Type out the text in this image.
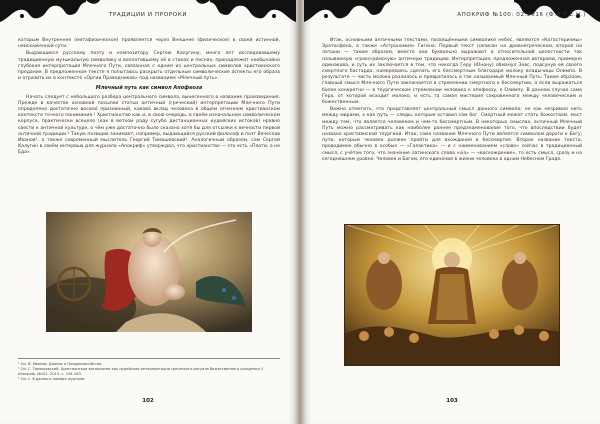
ТРАДИЦИИ И ПРОРОКИ

которым Внутреннее (метафизическое) проявляется через Внешнее (физическое) в своей истинной, неискаженной сути.

Выдающиеся русскому поэту и композитору Сергею Калугину, много лет исследовавшему традиционную музыкальную символику и воплотившему её в стихах и песнях, принадлежит необычайно глубокая интерпретация Млечного Пути, связанная с одним из центральных символов христианского предания. В предложенном тексте я попытаюсь раскрыть отдельные символические аспекты его образа и отразить их в контексте «Оргии Праведников» под названием «Млечный путь».

Млечный путь как символ Апофеоза

Начать следует с небольшого разбора центрального символа, вынесенного в название произведения. Прежде в качестве основной посылки статьи античный (греческий) интерпретации Млечного Пути определено достаточно весомо́ признанный, какова́ вклад человека в общем огненном христианском контексте точного понимания.¹ Христианство как и, в свою очередь, в своём изначальном символическом корпусе, практически всецело (как в ветхом раду сугубо дистанционных иудейских истоков) нравно свести к античной культуре, о чём уже достаточно было сказано хотя бы для отсылки к вечности первой античной традиции.² Такую позицию занимает, например, выдающийся русский философ и поэт Вячеслав Иванов², а также современный мыслитель Георгий Тимашевский³. Аналогичным образом, сам Сергей Калугин в своём интервью для журнала «Апокриф» утверждал, что христианство — это есть «Плоти, а не Еда».

¹ См. В. Иванов. Дионис и Прадионисийство.
² См. Г. Тимашевский. Христианское восприятие как иудейская интерпретация греческого ритуала божественного рождения // Апокриф. №101. 2015. с. 154-163.
³ См. с. 8 данного номера журнала.
102
АПОКРИФ №100: 02.2016 (Ф.5 Т.Е.Н.)

Итак, основными античными текстами, посвящёнными символике небес, являются «Катастеризмы» Эратосфена, а также «Астрономия» Гигина. Первый текст написан на древнегреческом, второй на латыни — таким образом, вместе они буквально выражают в относительной целостности так называемую «греко-римскую» античную традицию. Интерпретация, предложенная авторами, примерно одинакова, и суть их заключается в том, что некогда Геру (Юнону) обманул Зевс, подсунув ей своего смертного бастарда, намереваясь сделать его бессмертным благодаря молоку владычицы Олимпа. В результате — чисть молока разлилось и превратилось в так называемый Млечный Путь. Таким образом, главный смысл Млечного Пути заключается в стремлении смертного к бессмертию, а если выражаться более конкретно — в теургическом стремлении человека к апофеозу, к Олимпу. В данном случае сама Гера, от которой исходит молоко, и есть та самая мистерия сокровенного между человеческим и божественным.

Важно отметить, что представляет центральный смысл данного символа: не как незримая нить между мирами, а как путь — следы, которые оставил сам бог. Смертный может стать божеством, мост между тем, что является человеком и чем-то бессмертным. В некоторых смыслах, античный Млечный Путь можно рассматривать как наиболее раннее предзнаменование того, что впоследствии будет названо христианской теургией. Итак, само название Млечного Пути является символом дороги к Богу, пути, которым человек должен пройти для вхождения в бессмертие. Второе название текста, проводимое обычно в особых — «Галактика» — и с наименованием «слово» сейчас в традиционный смысл, с учётом того, что значение латинского слова «via» — «восхождение», то есть смысл, сразу и на сегодняшнем уровне. Человек и Богом, его единение в жизни человека в одном Небесном Граде.

103
